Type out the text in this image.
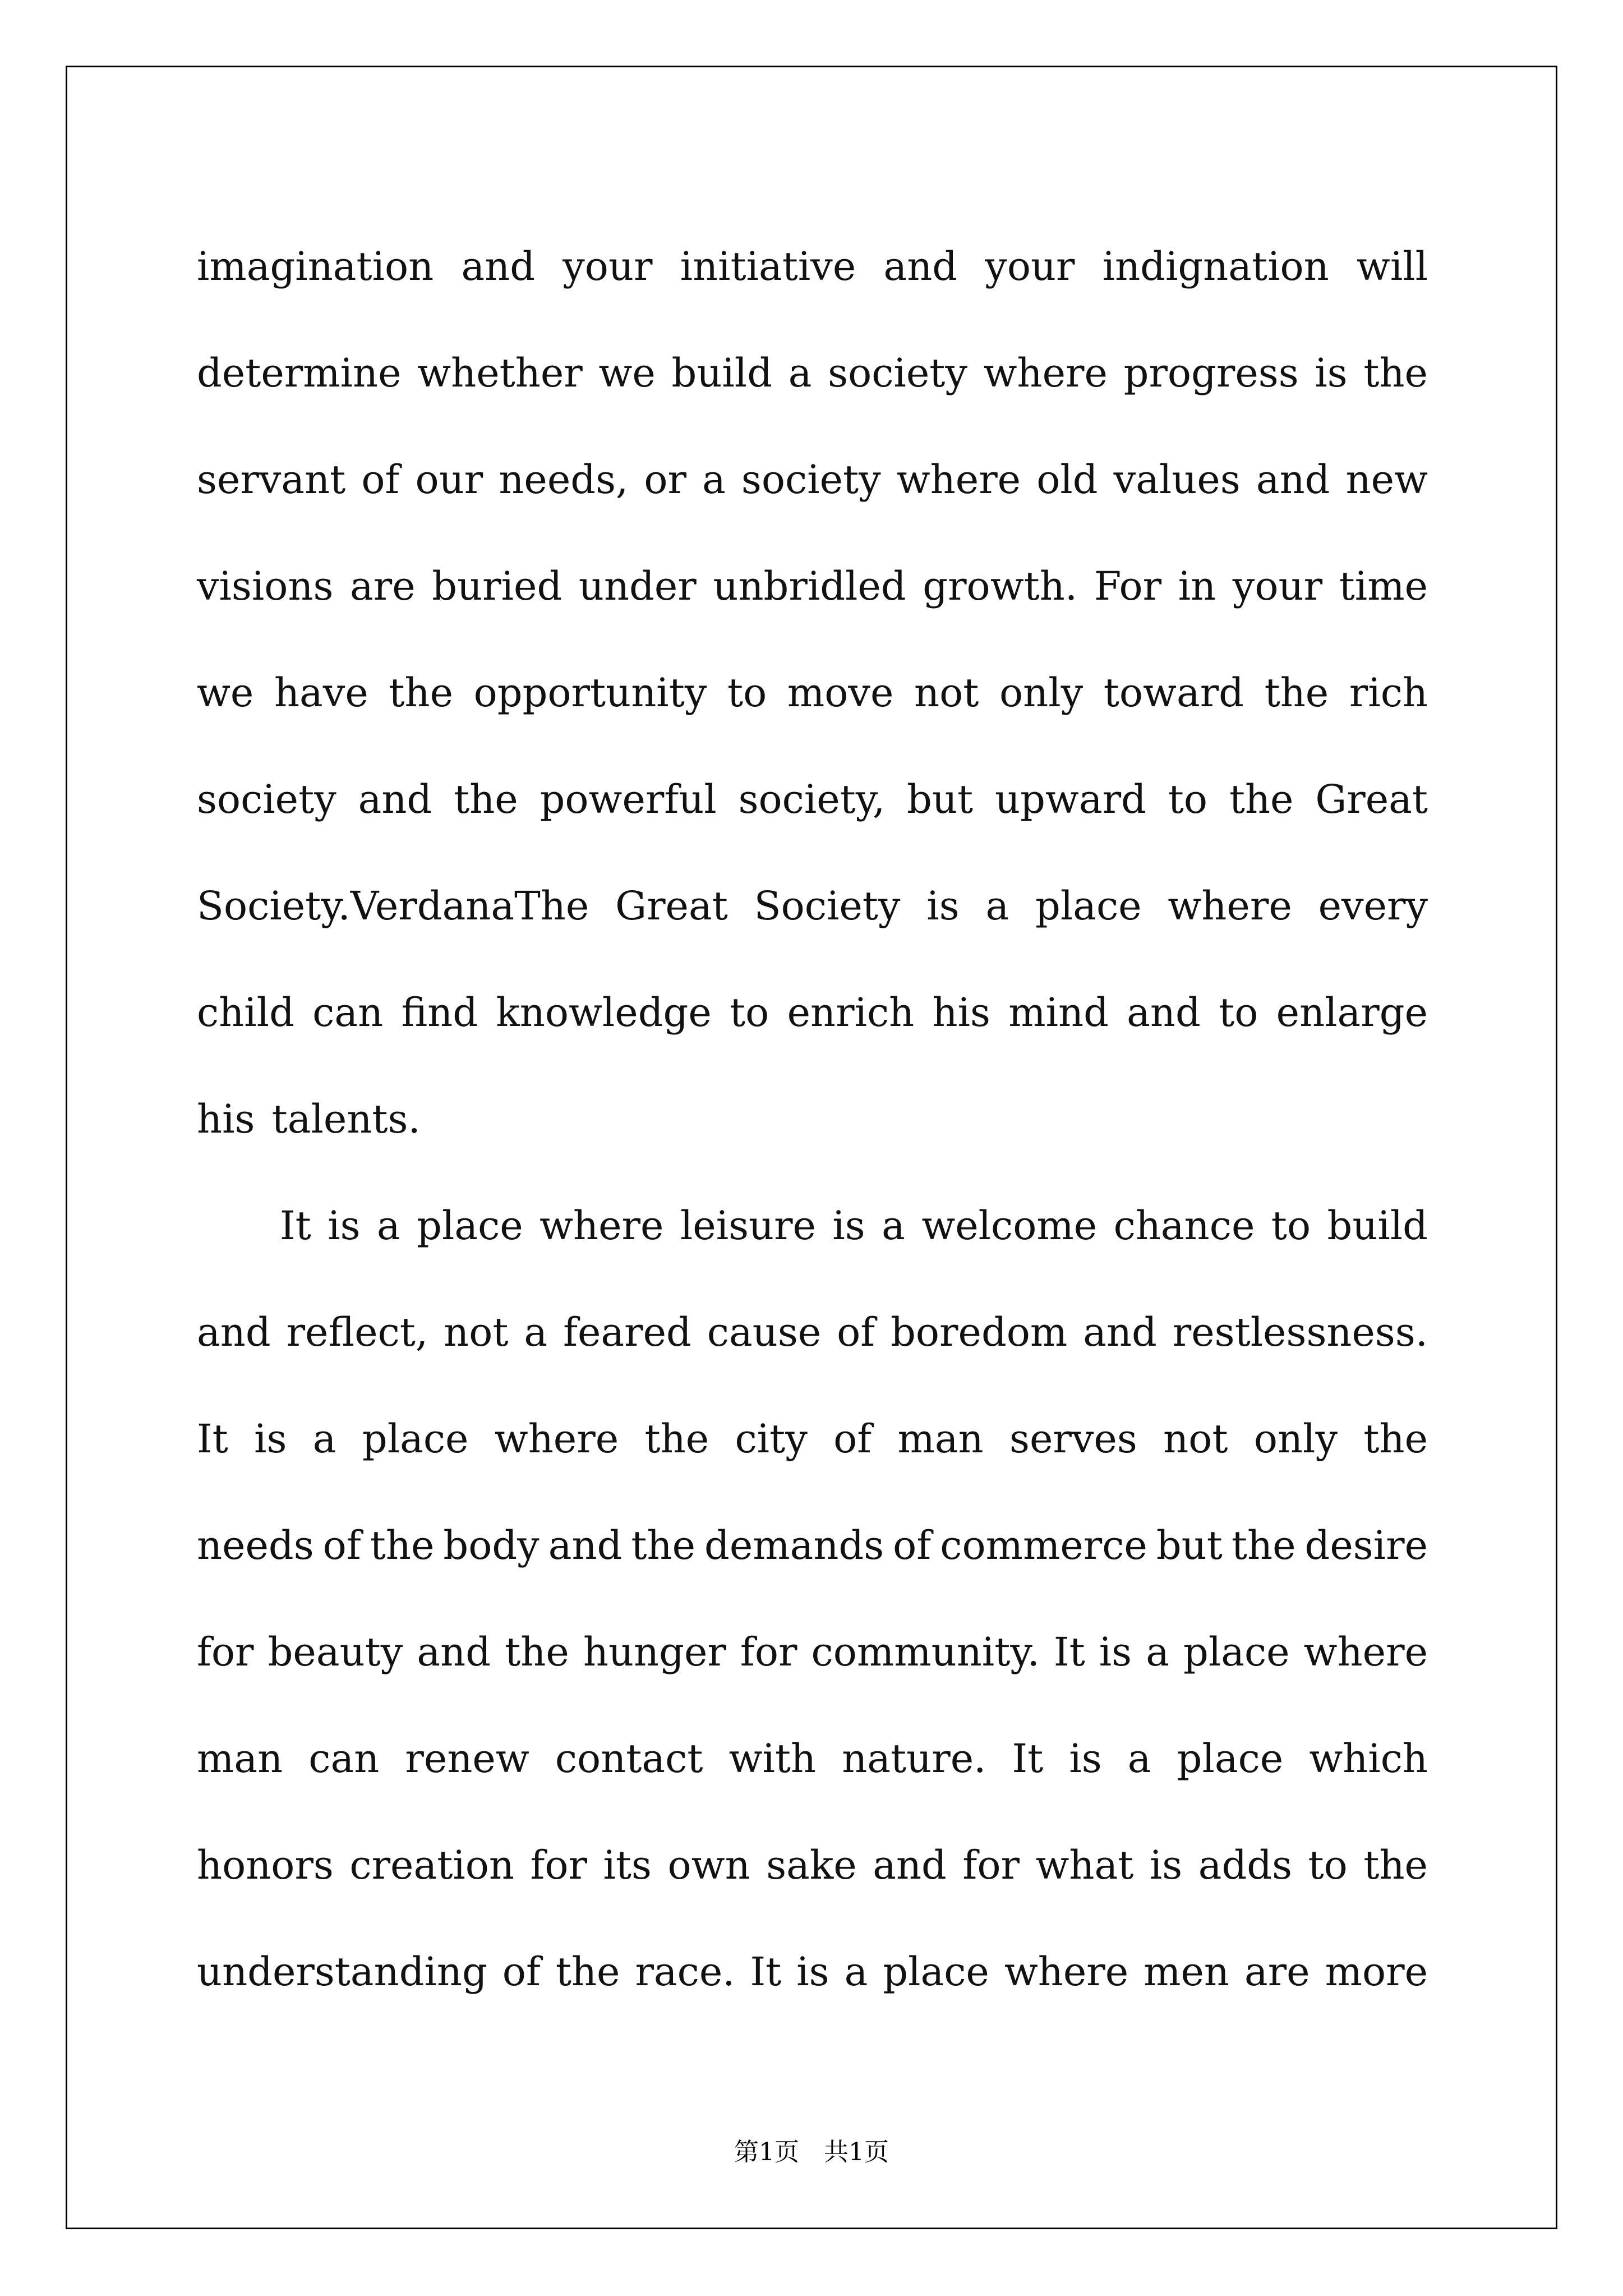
imagination and your initiative and your indignation will
determine whether we build a society where progress is the
servant of our needs, or a society where old values and new
visions are buried under unbridled growth. For in your time
we have the opportunity to move not only toward the rich
society and the powerful society, but upward to the Great
Society.VerdanaThe Great Society is a place where every
child can find knowledge to enrich his mind and to enlarge
his talents.
It is a place where leisure is a welcome chance to build
and reflect, not a feared cause of boredom and restlessness.
It is a place where the city of man serves not only the
needs of the body and the demands of commerce but the desire
for beauty and the hunger for community. It is a place where
man can renew contact with nature. It is a place which
honors creation for its own sake and for what is adds to the
understanding of the race. It is a place where men are more
第1页　共1页
